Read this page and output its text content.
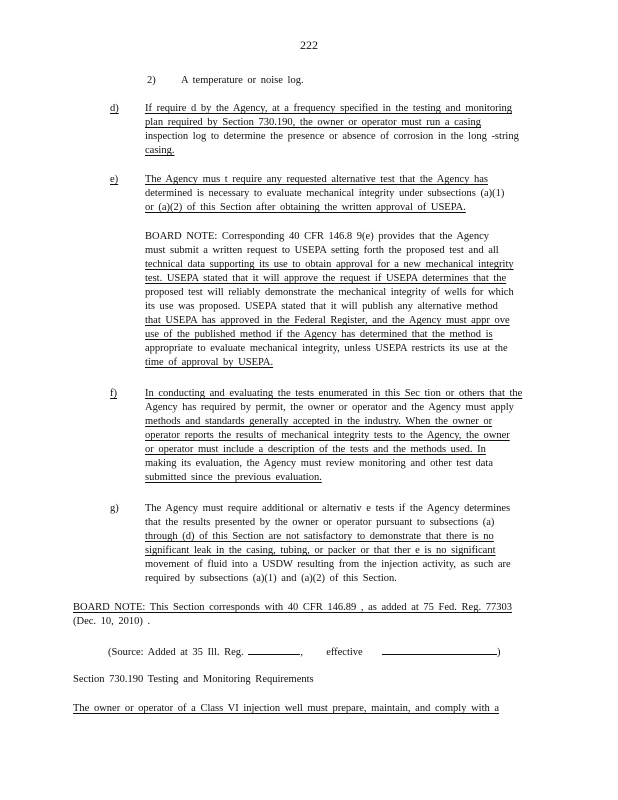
222
2) A temperature or noise log.
d)	If require d by the Agency, at a frequency specified in the testing and monitoring
plan required by Section 730.190, the owner or operator must run a casing
inspection log to determine the presence or absence of corrosion in the long -string
casing.
e)	The Agency mus t require any requested alternative test that the Agency has
determined is necessary to evaluate mechanical integrity under subsections (a)(1)
or (a)(2) of this Section after obtaining the written approval of USEPA.
BOARD NOTE: Corresponding 40 CFR 146.8 9(e) provides that the Agency
must submit a written request to USEPA setting forth the proposed test and all
technical data supporting its use to obtain approval for a new mechanical integrity
test. USEPA stated that it will approve the request if USEPA determines that the
proposed test will reliably demonstrate the mechanical integrity of wells for which
its use was proposed. USEPA stated that it will publish any alternative method
that USEPA has approved in the Federal Register, and the Agency must appr ove
use of the published method if the Agency has determined that the method is
appropriate to evaluate mechanical integrity, unless USEPA restricts its use at the
time of approval by USEPA.
f)	In conducting and evaluating the tests enumerated in this Sec tion or others that the
Agency has required by permit, the owner or operator and the Agency must apply
methods and standards generally accepted in the industry. When the owner or
operator reports the results of mechanical integrity tests to the Agency, the owner
or operator must include a description of the tests and the methods used. In
making its evaluation, the Agency must review monitoring and other test data
submitted since the previous evaluation.
g)	The Agency must require additional or alternativ e tests if the Agency determines
that the results presented by the owner or operator pursuant to subsections (a)
through (d) of this Section are not satisfactory to demonstrate that there is no
significant leak in the casing, tubing, or packer or that ther e is no significant
movement of fluid into a USDW resulting from the injection activity, as such are
required by subsections (a)(1) and (a)(2) of this Section.
BOARD NOTE: This Section corresponds with 40 CFR 146.89 , as added at 75 Fed. Reg. 77303
(Dec. 10, 2010) .
(Source: Added at 35 Ill. Reg.	, effective	)
Section 730.190 Testing and Monitoring Requirements
The owner or operator of a Class VI injection well must prepare, maintain, and comply with a
